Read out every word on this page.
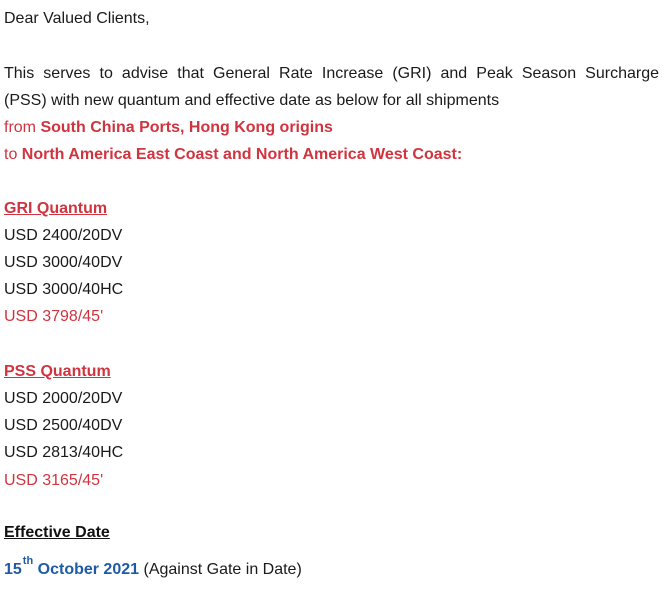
Dear Valued Clients,
This serves to advise that General Rate Increase (GRI) and Peak Season Surcharge
(PSS) with new quantum and effective date as below for all shipments
from South China Ports, Hong Kong origins
to North America East Coast and North America West Coast:
GRI Quantum
USD 2400/20DV
USD 3000/40DV
USD 3000/40HC
USD 3798/45'
PSS Quantum
USD 2000/20DV
USD 2500/40DV
USD 2813/40HC
USD 3165/45'
Effective Date
15th October 2021 (Against Gate in Date)
